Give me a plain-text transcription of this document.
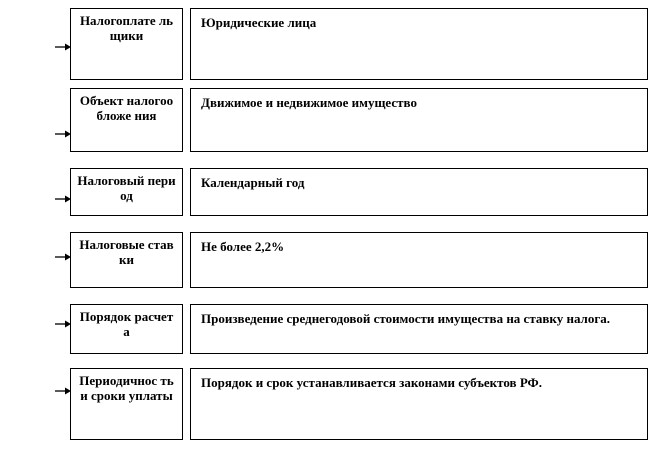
Налогоплате льщики
Юридические лица
Объект налогообложе ния
Движимое и недвижимое имущество
Налоговый период
Календарный год
Налоговые ставки
Не более 2,2%
Порядок расчета
Произведение среднегодовой стоимости имущества на ставку налога.
Периодичнос ть и сроки уплаты
Порядок и срок устанавливается законами субъектов РФ.
